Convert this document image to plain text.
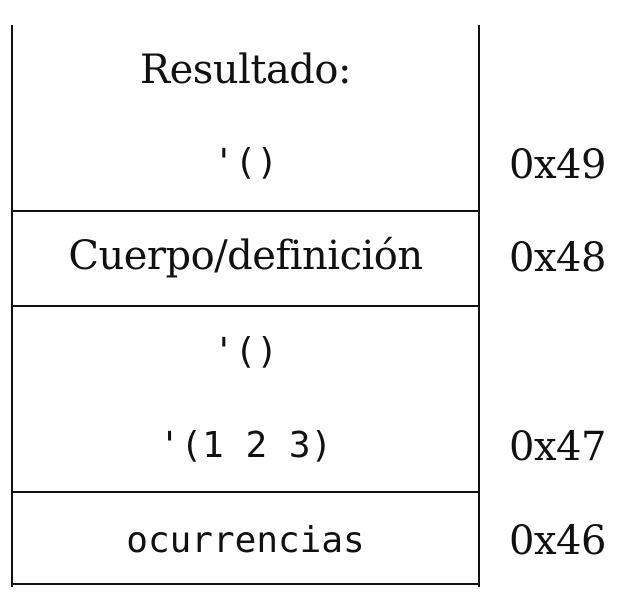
Resultado:
'()
Cuerpo/definición
'()
'(1 2 3)
ocurrencias
0x49
0x48
0x47
0x46
